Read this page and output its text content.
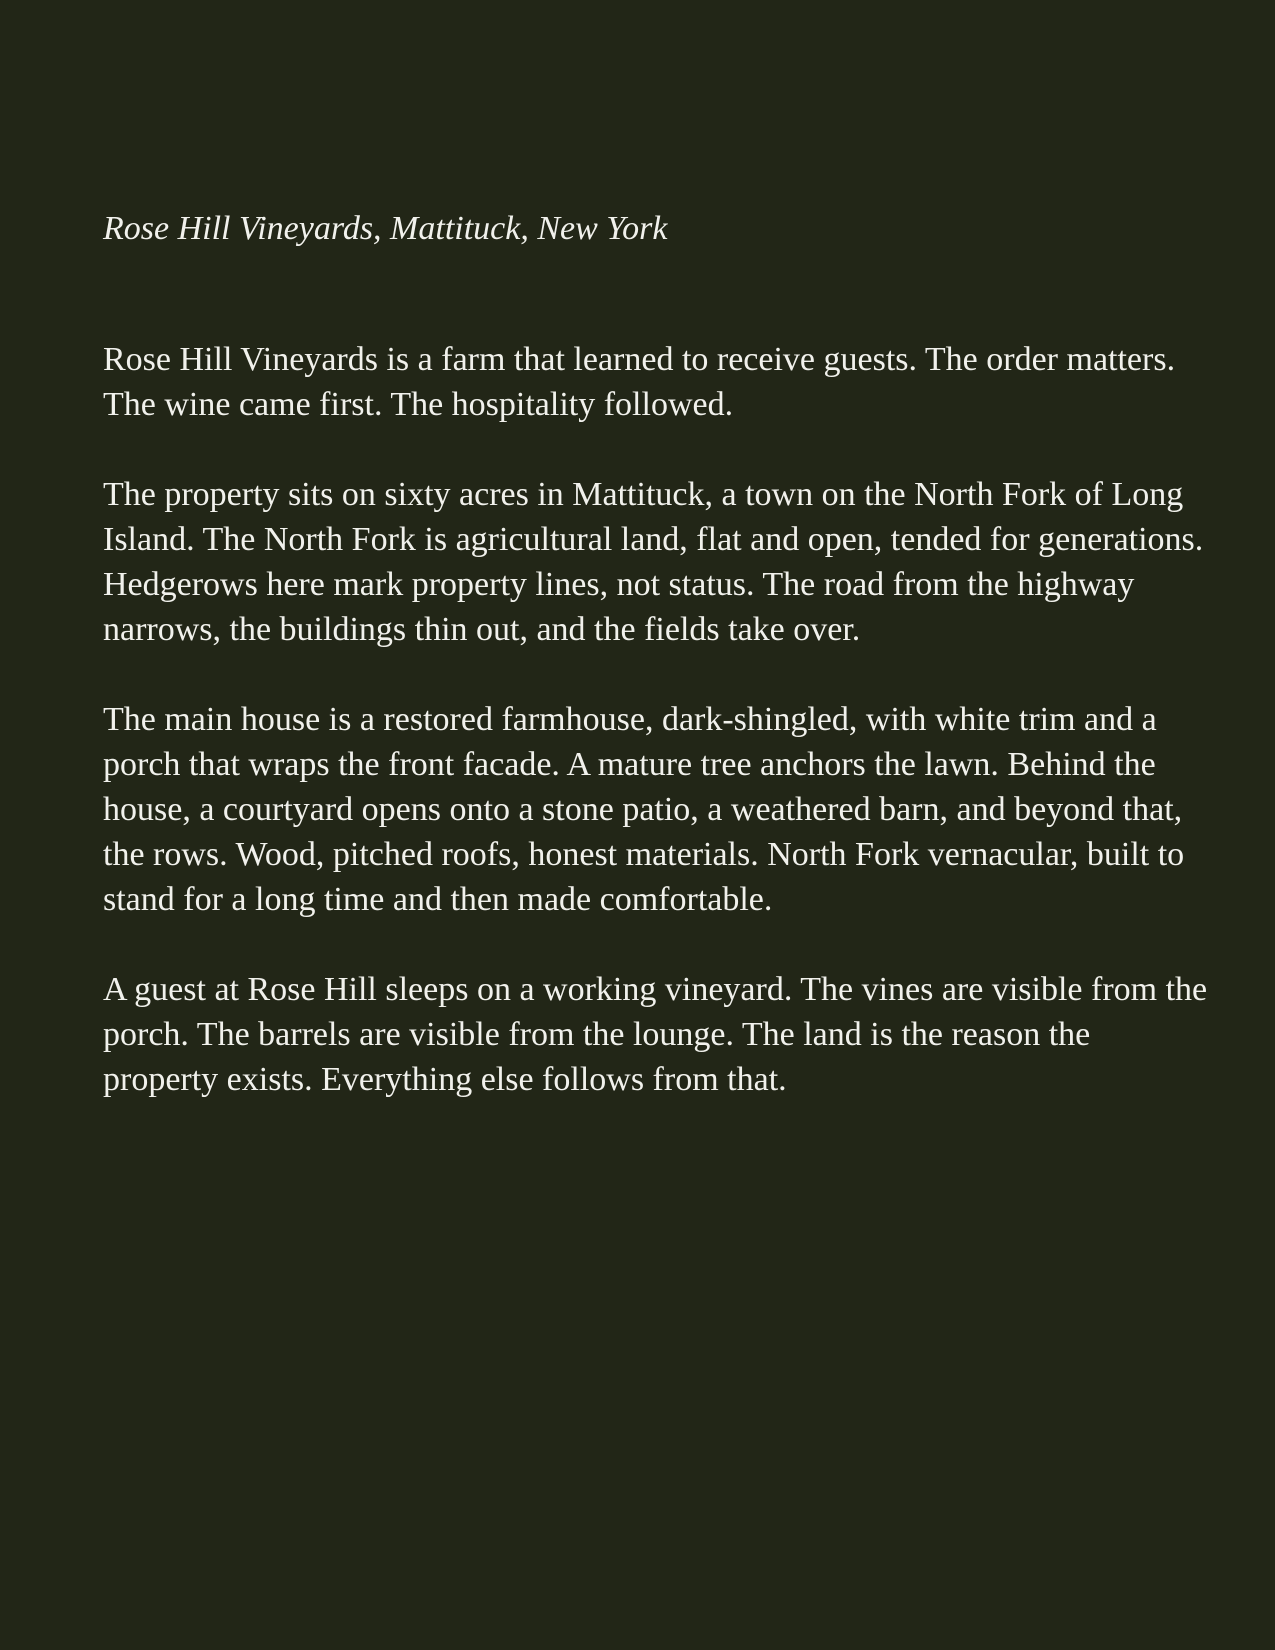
Rose Hill Vineyards, Mattituck, New York

Rose Hill Vineyards is a farm that learned to receive guests. The order matters. The wine came first. The hospitality followed.

The property sits on sixty acres in Mattituck, a town on the North Fork of Long Island. The North Fork is agricultural land, flat and open, tended for generations. Hedgerows here mark property lines, not status. The road from the highway narrows, the buildings thin out, and the fields take over.

The main house is a restored farmhouse, dark-shingled, with white trim and a porch that wraps the front facade. A mature tree anchors the lawn. Behind the house, a courtyard opens onto a stone patio, a weathered barn, and beyond that, the rows. Wood, pitched roofs, honest materials. North Fork vernacular, built to stand for a long time and then made comfortable.

A guest at Rose Hill sleeps on a working vineyard. The vines are visible from the porch. The barrels are visible from the lounge. The land is the reason the property exists. Everything else follows from that.
